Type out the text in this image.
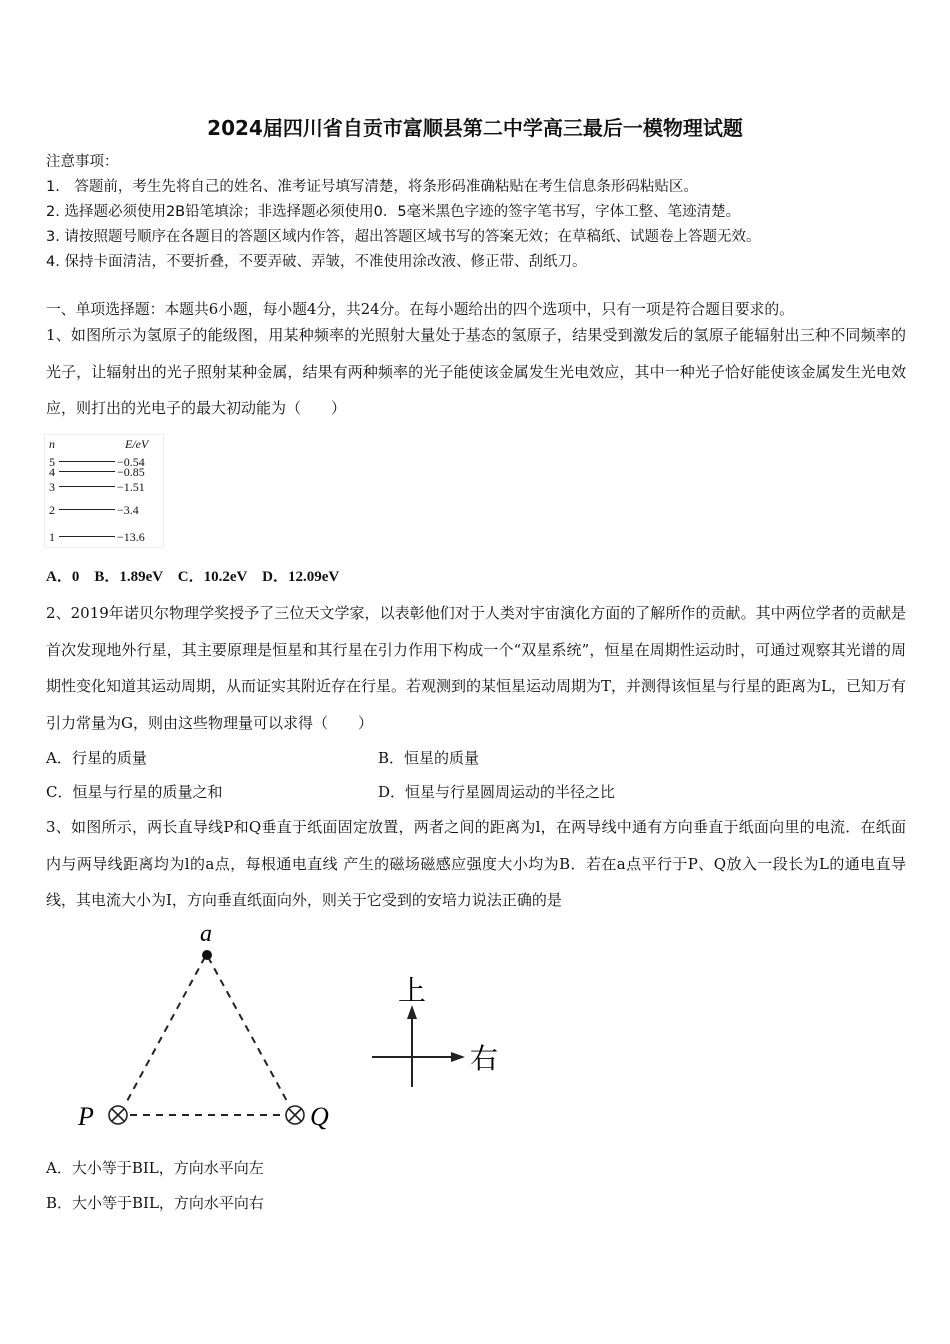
2024届四川省自贡市富顺县第二中学高三最后一模物理试题
注意事项：
1.　答题前，考生先将自己的姓名、准考证号填写清楚，将条形码准确粘贴在考生信息条形码粘贴区。
2. 选择题必须使用2B铅笔填涂；非选择题必须使用0．5毫米黑色字迹的签字笔书写，字体工整、笔迹清楚。
3. 请按照题号顺序在各题目的答题区域内作答，超出答题区域书写的答案无效；在草稿纸、试题卷上答题无效。
4. 保持卡面清洁，不要折叠，不要弄破、弄皱，不准使用涂改液、修正带、刮纸刀。
一、单项选择题：本题共6小题，每小题4分，共24分。在每小题给出的四个选项中，只有一项是符合题目要求的。
1、如图所示为氢原子的能级图，用某种频率的光照射大量处于基态的氢原子，结果受到激发后的氢原子能辐射出三种不同频率的光子，让辐射出的光子照射某种金属，结果有两种频率的光子能使该金属发生光电效应，其中一种光子恰好能使该金属发生光电效应，则打出的光电子的最大初动能为（　　）
n	E/eV
5	−0.54
4	−0.85
3	−1.51
2	−3.4
1	−13.6
A．0　B．1.89eV　C．10.2eV　D．12.09eV
2、2019年诺贝尔物理学奖授予了三位天文学家，以表彰他们对于人类对宇宙演化方面的了解所作的贡献。其中两位学者的贡献是首次发现地外行星，其主要原理是恒星和其行星在引力作用下构成一个“双星系统”，恒星在周期性运动时，可通过观察其光谱的周期性变化知道其运动周期，从而证实其附近存在行星。若观测到的某恒星运动周期为T，并测得该恒星与行星的距离为L，已知万有引力常量为G，则由这些物理量可以求得（　　）
A．行星的质量	B．恒星的质量
C．恒星与行星的质量之和	D．恒星与行星圆周运动的半径之比
3、如图所示，两长直导线P和Q垂直于纸面固定放置，两者之间的距离为l，在两导线中通有方向垂直于纸面向里的电流．在纸面内与两导线距离均为l的a点，每根通电直线 产生的磁场磁感应强度大小均为B．若在a点平行于P、Q放入一段长为L的通电直导线，其电流大小为I，方向垂直纸面向外，则关于它受到的安培力说法正确的是
a
P	Q
上
右
A．大小等于BIL，方向水平向左
B．大小等于BIL，方向水平向右
